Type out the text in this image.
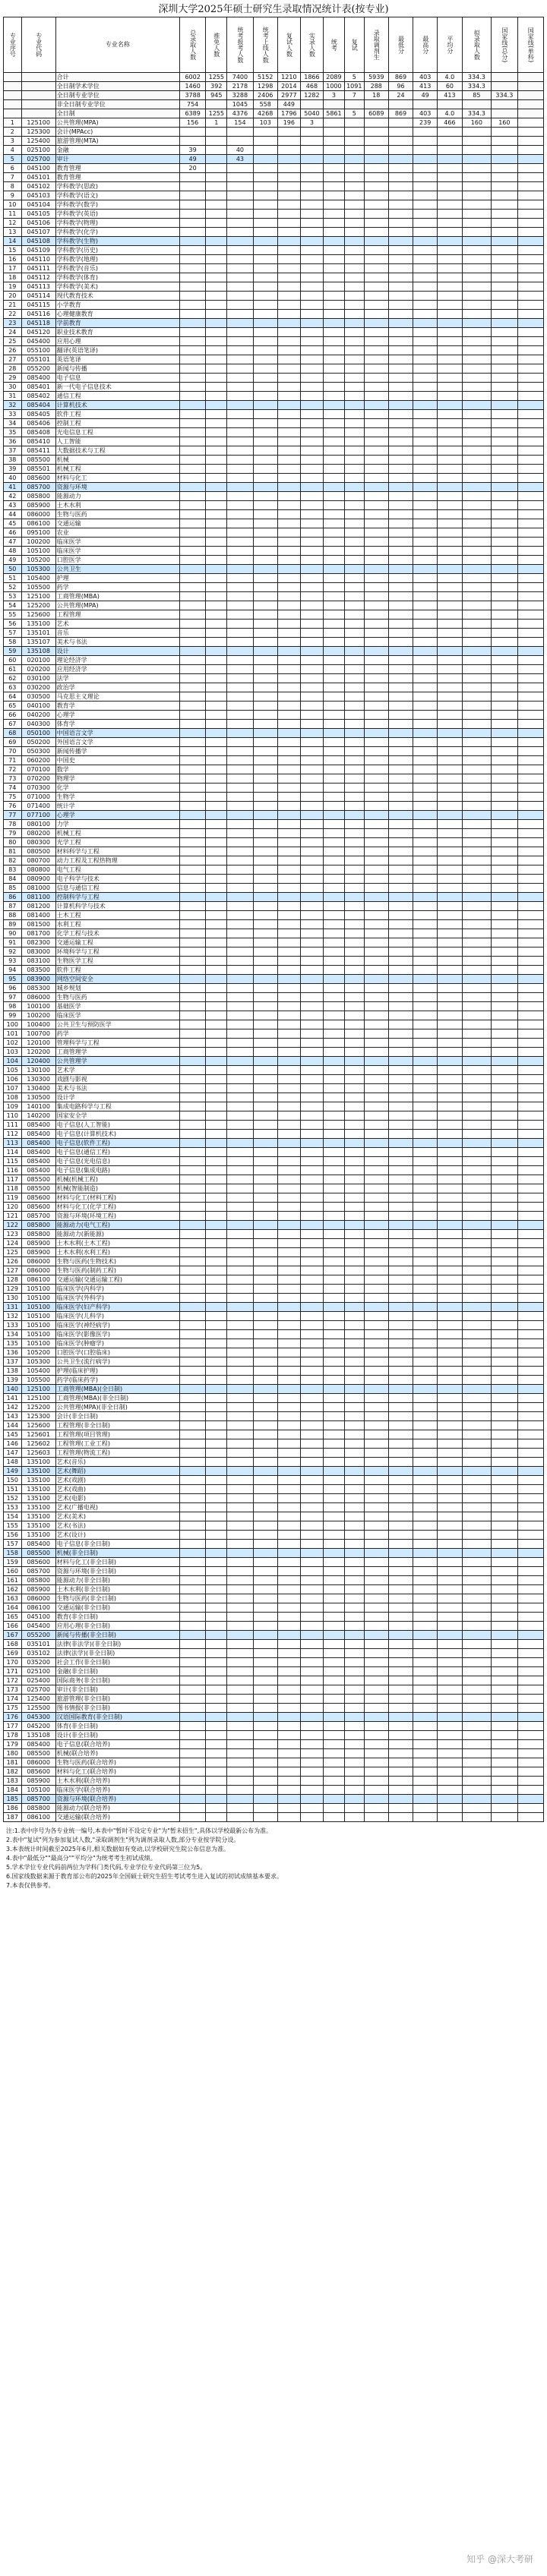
深圳大学2025年硕士研究生录取情况统计表(按专业)
专业序号	专业代码	专业名称	总录取人数	推免人数	统考报考人数	统考上线人数	复试人数	实录人数	统考	复试	录取调剂生	最低分	最高分	平均分	拟录取人数	国家线(总分)	国家线(单科)
		合计	6002	1255	7400	5152	1210	1866	2089	5	5939	869	403	4.0	334.3		
		全日制学术学位	1460	392	2178	1298	2014	468	1000	1091	288	96	413	60	334.3		
		全日制专业学位	3788	945	3288	2406	2977	1282	3	7	18	24	49	413	85	334.3	
		非全日制专业学位	754		1045	558	449										
		全日制	6389	1255	4376	4268	1796	5040	5861	5	6089	869	403	4.0	334.3		
1	125100	公共管理(MPA)	156	1	154	103	196	3					239	466	160	160	
2	125300	会计(MPAcc)															
3	125400	旅游管理(MTA)															
4	025100	金融	39		40												
5	025700	审计	49		43												
6	045100	教育管理	20														
7	045101	教育管理															
8	045102	学科教学(思政)															
9	045103	学科教学(语文)															
10	045104	学科教学(数学)															
11	045105	学科教学(英语)															
12	045106	学科教学(物理)															
13	045107	学科教学(化学)															
14	045108	学科教学(生物)															
15	045109	学科教学(历史)															
16	045110	学科教学(地理)															
17	045111	学科教学(音乐)															
18	045112	学科教学(体育)															
19	045113	学科教学(美术)															
20	045114	现代教育技术															
21	045115	小学教育															
22	045116	心理健康教育															
23	045118	学前教育															
24	045120	职业技术教育															
25	045400	应用心理															
26	055100	翻译(英语笔译)															
27	055101	英语笔译															
28	055200	新闻与传播															
29	085400	电子信息															
30	085401	新一代电子信息技术															
31	085402	通信工程															
32	085404	计算机技术															
33	085405	软件工程															
34	085406	控制工程															
35	085408	光电信息工程															
36	085410	人工智能															
37	085411	大数据技术与工程															
38	085500	机械															
39	085501	机械工程															
40	085600	材料与化工															
41	085700	资源与环境															
42	085800	能源动力															
43	085900	土木水利															
44	086000	生物与医药															
45	086100	交通运输															
46	095100	农业															
47	100200	临床医学															
48	105100	临床医学															
49	105200	口腔医学															
50	105300	公共卫生															
51	105400	护理															
52	105500	药学															
53	125100	工商管理(MBA)															
54	125200	公共管理(MPA)															
55	125600	工程管理															
56	135100	艺术															
57	135101	音乐															
58	135107	美术与书法															
59	135108	设计															
60	020100	理论经济学															
61	020200	应用经济学															
62	030100	法学															
63	030200	政治学															
64	030500	马克思主义理论															
65	040100	教育学															
66	040200	心理学															
67	040300	体育学															
68	050100	中国语言文学															
69	050200	外国语言文学															
70	050300	新闻传播学															
71	060200	中国史															
72	070100	数学															
73	070200	物理学															
74	070300	化学															
75	071000	生物学															
76	071400	统计学															
77	077100	心理学															
78	080100	力学															
79	080200	机械工程															
80	080300	光学工程															
81	080500	材料科学与工程															
82	080700	动力工程及工程热物理															
83	080800	电气工程															
84	080900	电子科学与技术															
85	081000	信息与通信工程															
86	081100	控制科学与工程															
87	081200	计算机科学与技术															
88	081400	土木工程															
89	081500	水利工程															
90	081700	化学工程与技术															
91	082300	交通运输工程															
92	083000	环境科学与工程															
93	083100	生物医学工程															
94	083500	软件工程															
95	083900	网络空间安全															
96	085300	城乡规划															
97	086000	生物与医药															
98	100100	基础医学															
99	100200	临床医学															
100	100400	公共卫生与预防医学															
101	100700	药学															
102	120100	管理科学与工程															
103	120200	工商管理学															
104	120400	公共管理学															
105	130100	艺术学															
106	130300	戏剧与影视															
107	130400	美术与书法															
108	130500	设计学															
109	140100	集成电路科学与工程															
110	140200	国家安全学															
111	085400	电子信息(人工智能)															
112	085400	电子信息(计算机技术)															
113	085400	电子信息(软件工程)															
114	085400	电子信息(通信工程)															
115	085400	电子信息(光电信息)															
116	085400	电子信息(集成电路)															
117	085500	机械(机械工程)															
118	085500	机械(智能制造)															
119	085600	材料与化工(材料工程)															
120	085600	材料与化工(化学工程)															
121	085700	资源与环境(环境工程)															
122	085800	能源动力(电气工程)															
123	085800	能源动力(新能源)															
124	085900	土木水利(土木工程)															
125	085900	土木水利(水利工程)															
126	086000	生物与医药(生物技术)															
127	086000	生物与医药(制药工程)															
128	086100	交通运输(交通运输工程)															
129	105100	临床医学(内科学)															
130	105100	临床医学(外科学)															
131	105100	临床医学(妇产科学)															
132	105100	临床医学(儿科学)															
133	105100	临床医学(神经病学)															
134	105100	临床医学(影像医学)															
135	105100	临床医学(肿瘤学)															
136	105200	口腔医学(口腔临床)															
137	105300	公共卫生(流行病学)															
138	105400	护理(临床护理)															
139	105500	药学(临床药学)															
140	125100	工商管理(MBA)(全日制)															
141	125100	工商管理(MBA)(非全日制)															
142	125200	公共管理(MPA)(非全日制)															
143	125300	会计(非全日制)															
144	125600	工程管理(非全日制)															
145	125601	工程管理(项目管理)															
146	125602	工程管理(工业工程)															
147	125603	工程管理(物流工程)															
148	135100	艺术(音乐)															
149	135100	艺术(舞蹈)															
150	135100	艺术(戏剧)															
151	135100	艺术(戏曲)															
152	135100	艺术(电影)															
153	135100	艺术(广播电视)															
154	135100	艺术(美术)															
155	135100	艺术(书法)															
156	135100	艺术(设计)															
157	085400	电子信息(非全日制)															
158	085500	机械(非全日制)															
159	085600	材料与化工(非全日制)															
160	085700	资源与环境(非全日制)															
161	085800	能源动力(非全日制)															
162	085900	土木水利(非全日制)															
163	086000	生物与医药(非全日制)															
164	086100	交通运输(非全日制)															
165	045100	教育(非全日制)															
166	045400	应用心理(非全日制)															
167	055200	新闻与传播(非全日制)															
168	035101	法律(非法学)(非全日制)															
169	035102	法律(法学)(非全日制)															
170	035200	社会工作(非全日制)															
171	025100	金融(非全日制)															
172	025400	国际商务(非全日制)															
173	025700	审计(非全日制)															
174	125400	旅游管理(非全日制)															
175	125500	图书情报(非全日制)															
176	045300	汉语国际教育(非全日制)															
177	045200	体育(非全日制)															
178	135108	设计(非全日制)															
179	085400	电子信息(联合培养)															
180	085500	机械(联合培养)															
181	086000	生物与医药(联合培养)															
182	085600	材料与化工(联合培养)															
183	085900	土木水利(联合培养)															
184	105100	临床医学(联合培养)															
185	085700	资源与环境(联合培养)															
186	085800	能源动力(联合培养)															
187	086100	交通运输(联合培养)															
注:1.表中序号为各专业统一编号,本表中"暂时不设定专业"为"暂未招生",具体以学校最新公布为准。
2.表中"复试"列为参加复试人数,"录取调剂生"列为调剂录取人数,部分专业按学院分设。
3.本表统计时间截至2025年6月,相关数据如有变动,以学校研究生院公布信息为准。
4.表中"最低分""最高分""平均分"为统考考生初试成绩。
5.学术学位专业代码前两位为学科门类代码,专业学位专业代码第三位为5。
6.国家线数据来源于教育部公布的2025年全国硕士研究生招生考试考生进入复试的初试成绩基本要求。
7.本表仅供参考。
知乎 @深大考研
